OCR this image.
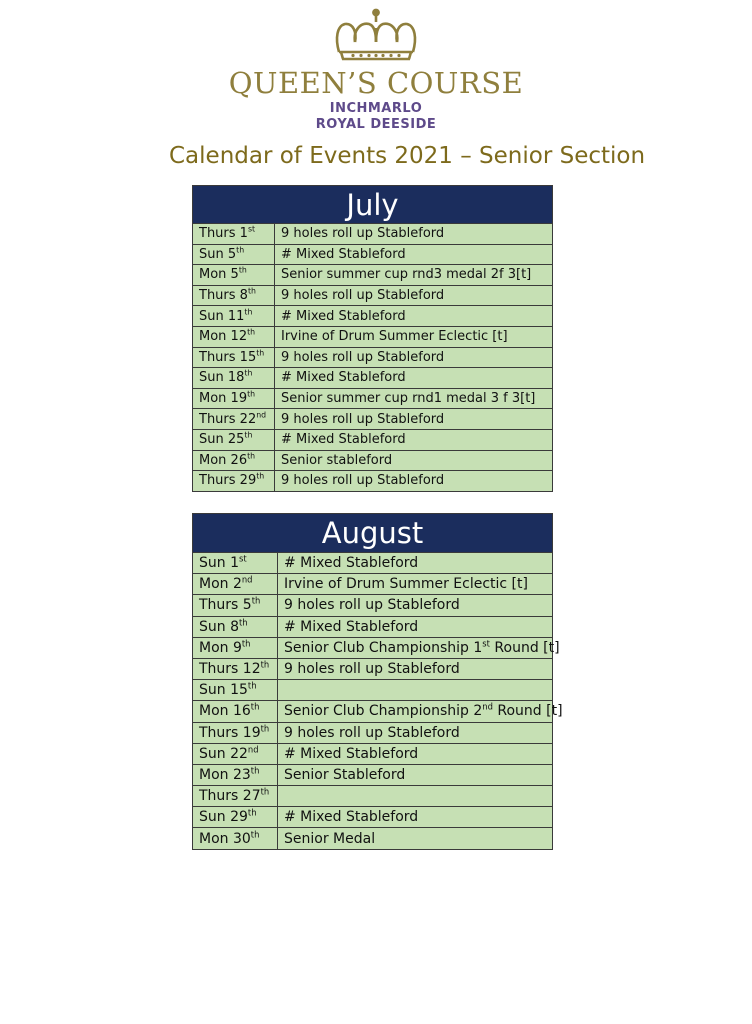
QUEEN’S COURSE
INCHMARLO
ROYAL DEESIDE
Calendar of Events 2021 – Senior Section
July	
Thurs 1st	9 holes roll up Stableford
Sun 5th	# Mixed Stableford
Mon 5th	Senior summer cup rnd3 medal 2f 3[t]
Thurs 8th	9 holes roll up Stableford
Sun 11th	# Mixed Stableford
Mon 12th	Irvine of Drum Summer Eclectic [t]
Thurs 15th	9 holes roll up Stableford
Sun 18th	# Mixed Stableford
Mon 19th	Senior summer cup rnd1 medal 3 f 3[t]
Thurs 22nd	9 holes roll up Stableford
Sun 25th	# Mixed Stableford
Mon 26th	Senior stableford
Thurs 29th	9 holes roll up Stableford
August	
Sun 1st	# Mixed Stableford
Mon 2nd	Irvine of Drum Summer Eclectic [t]
Thurs 5th	9 holes roll up Stableford
Sun 8th	# Mixed Stableford
Mon 9th	Senior Club Championship 1st Round [t]
Thurs 12th	9 holes roll up Stableford
Sun 15th	
Mon 16th	Senior Club Championship 2nd Round [t]
Thurs 19th	9 holes roll up Stableford
Sun 22nd	# Mixed Stableford
Mon 23th	Senior Stableford
Thurs 27th	
Sun 29th	# Mixed Stableford
Mon 30th	Senior Medal
